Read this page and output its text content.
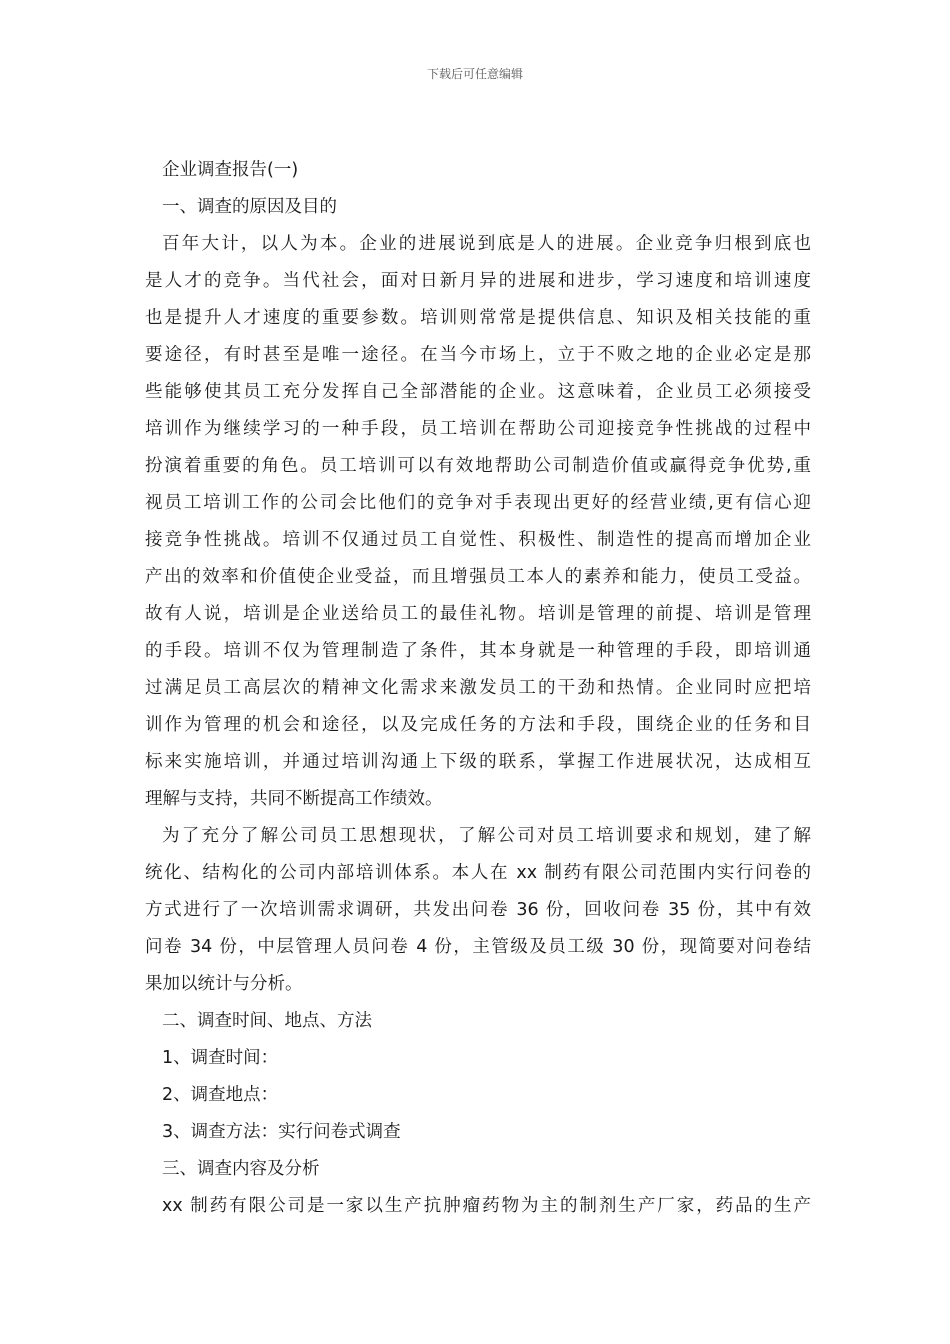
下载后可任意编辑
企业调查报告(一)
一、调查的原因及目的
百年大计，以人为本。企业的进展说到底是人的进展。企业竞争归根到底也
是人才的竞争。当代社会，面对日新月异的进展和进步，学习速度和培训速度
也是提升人才速度的重要参数。培训则常常是提供信息、知识及相关技能的重
要途径，有时甚至是唯一途径。在当今市场上，立于不败之地的企业必定是那
些能够使其员工充分发挥自己全部潜能的企业。这意味着，企业员工必须接受
培训作为继续学习的一种手段，员工培训在帮助公司迎接竞争性挑战的过程中
扮演着重要的角色。员工培训可以有效地帮助公司制造价值或赢得竞争优势,重
视员工培训工作的公司会比他们的竞争对手表现出更好的经营业绩,更有信心迎
接竞争性挑战。培训不仅通过员工自觉性、积极性、制造性的提高而增加企业
产出的效率和价值使企业受益，而且增强员工本人的素养和能力，使员工受益。
故有人说，培训是企业送给员工的最佳礼物。培训是管理的前提、培训是管理
的手段。培训不仅为管理制造了条件，其本身就是一种管理的手段，即培训通
过满足员工高层次的精神文化需求来激发员工的干劲和热情。企业同时应把培
训作为管理的机会和途径，以及完成任务的方法和手段，围绕企业的任务和目
标来实施培训，并通过培训沟通上下级的联系，掌握工作进展状况，达成相互
理解与支持，共同不断提高工作绩效。
为了充分了解公司员工思想现状，了解公司对员工培训要求和规划，建了解
统化、结构化的公司内部培训体系。本人在 xx 制药有限公司范围内实行问卷的
方式进行了一次培训需求调研，共发出问卷 36 份，回收问卷 35 份，其中有效
问卷 34 份，中层管理人员问卷 4 份，主管级及员工级 30 份，现简要对问卷结
果加以统计与分析。
二、调查时间、地点、方法
1、调查时间：
2、调查地点：
3、调查方法：实行问卷式调查
三、调查内容及分析
xx 制药有限公司是一家以生产抗肿瘤药物为主的制剂生产厂家，药品的生产
